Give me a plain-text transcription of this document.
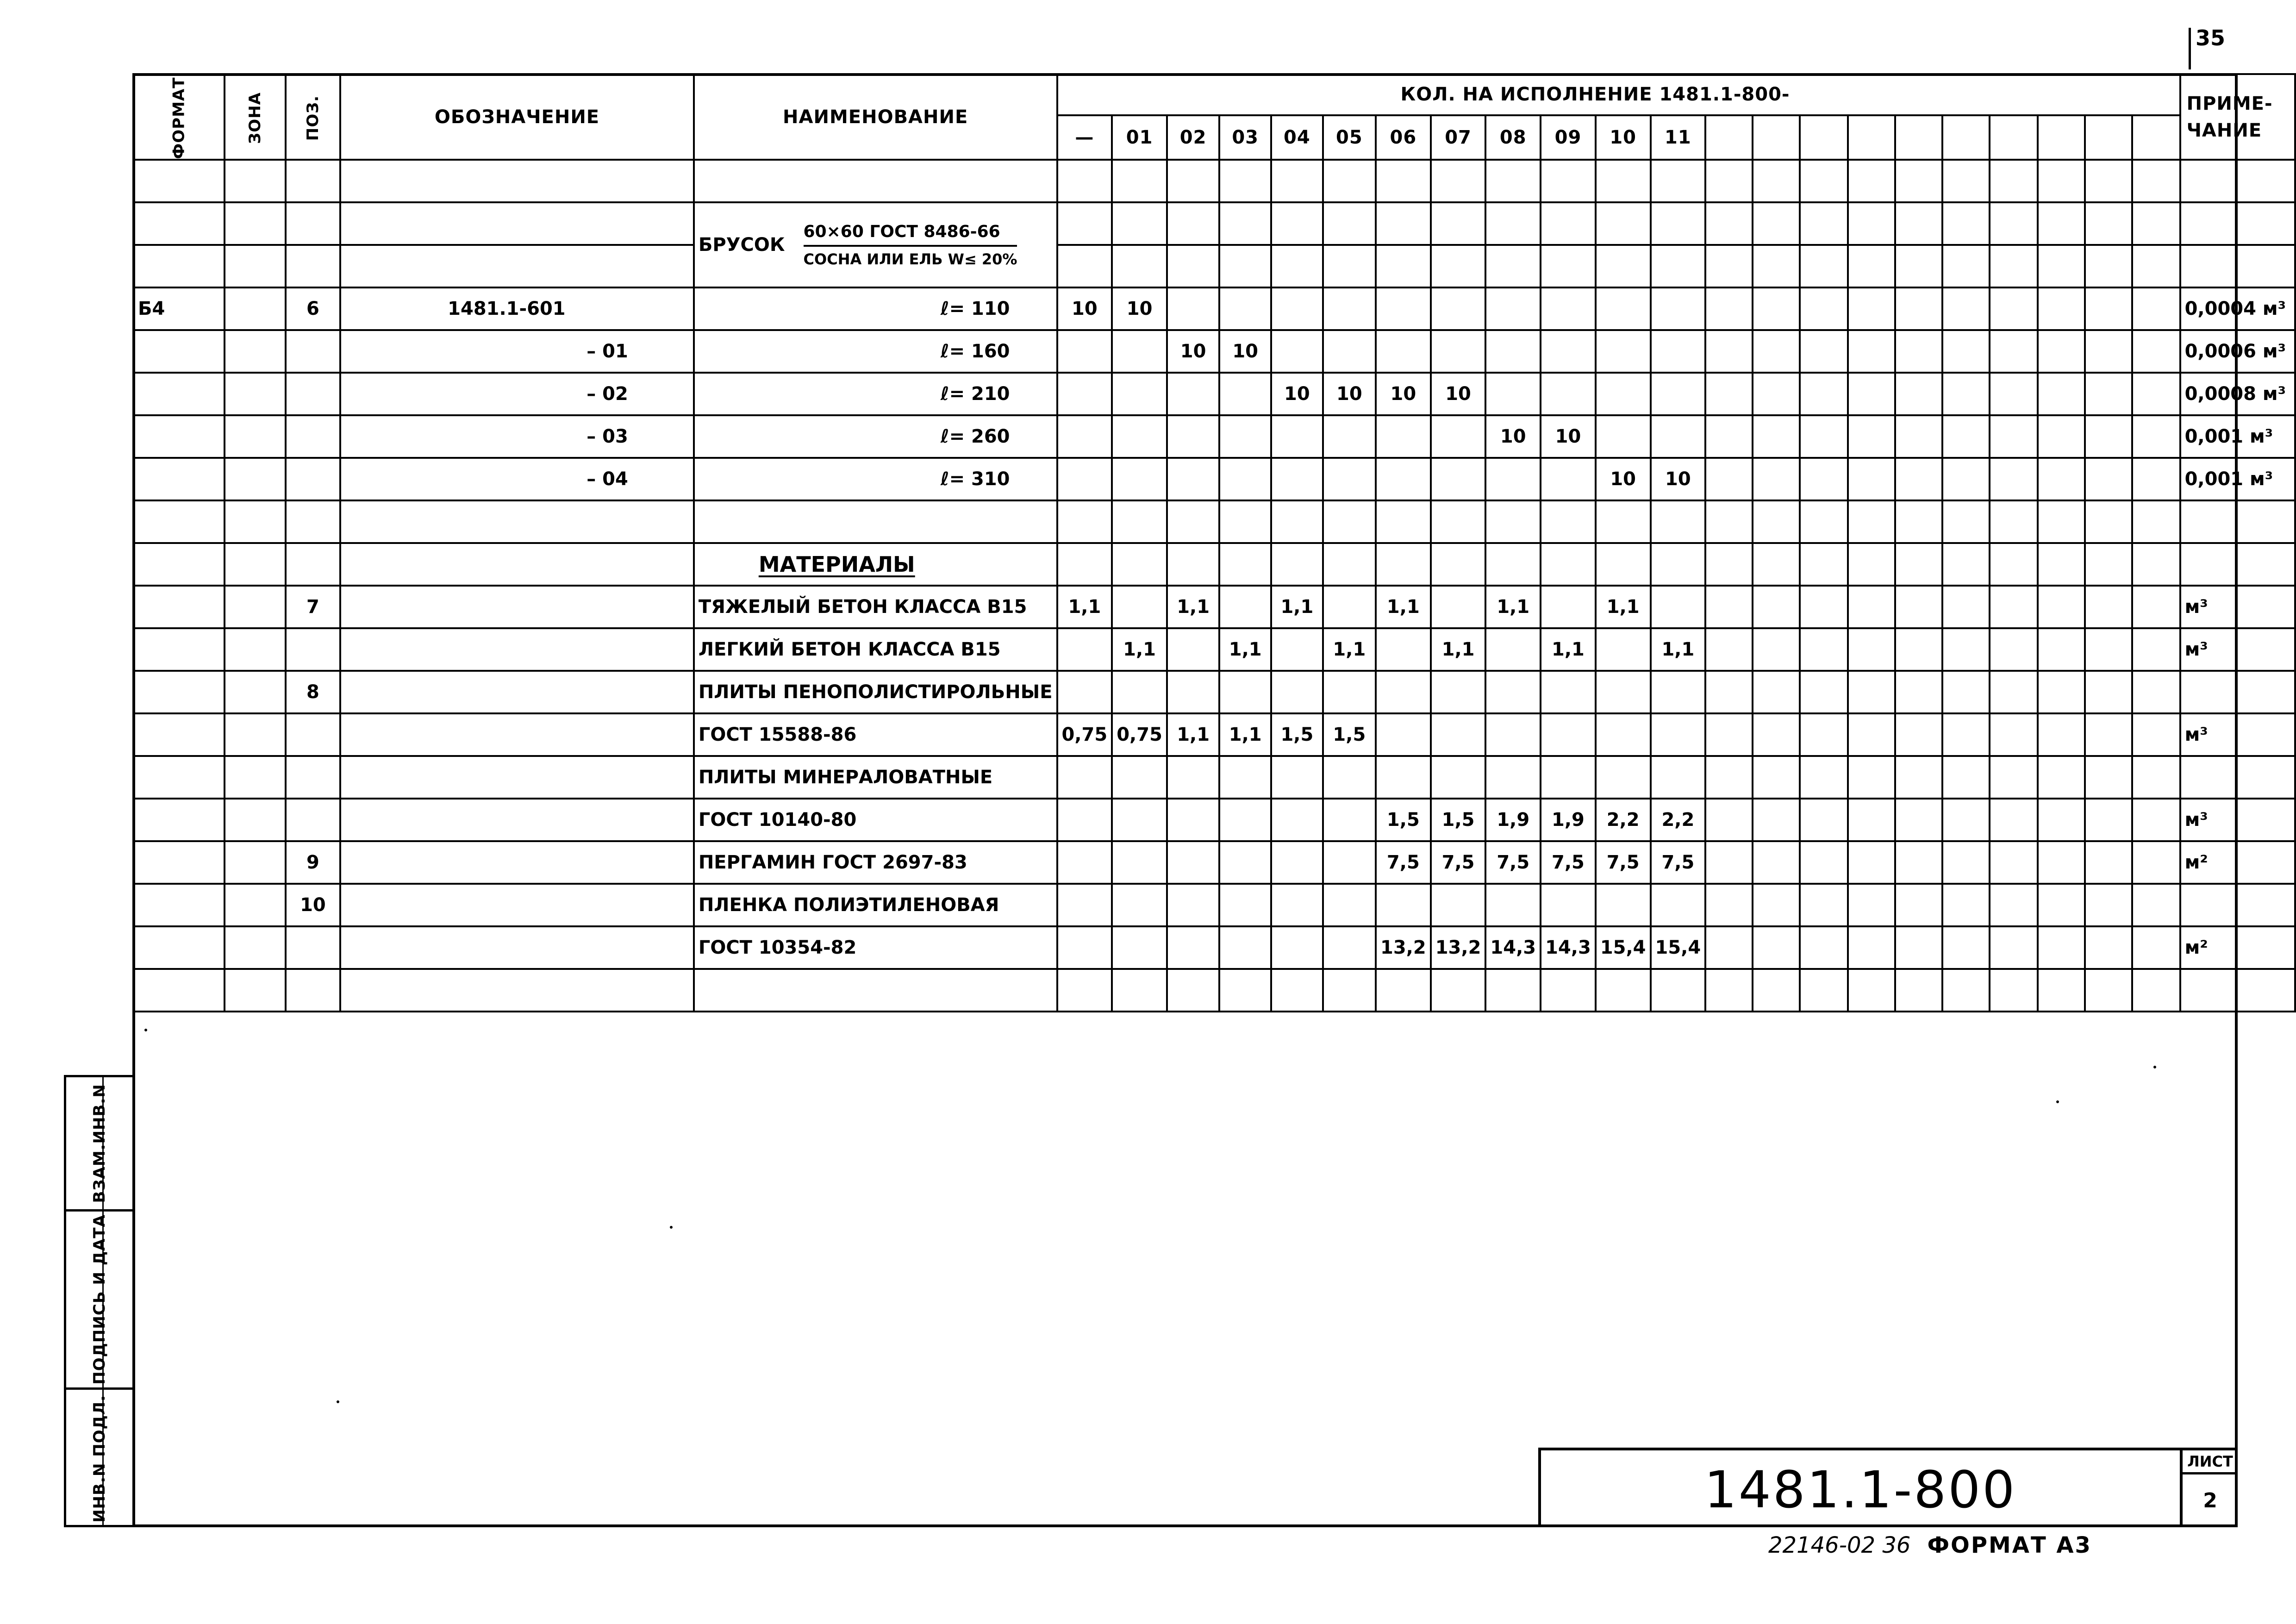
35
ВЗАМ.ИНВ.N
ПОДПИСЬ И ДАТА
ИНВ.N ПОДЛ.
ФОРМАТ	ЗОНА	ПОЗ.	ОБОЗНАЧЕНИЕ	НАИМЕНОВАНИЕ	КОЛ. НА ИСПОЛНЕНИЕ 1481.1-800-																						ПРИМЕ- ЧАНИЕ
					—	01	02	03	04	05	06	07	08	09	10	11											

				БРУСОК $\frac{\text{60×60 ГОСТ 8486-66}}{\text{СОСНА ИЛИ ЕЛЬ W≤ 20\%}}$

Б4		6	1481.1-601	ℓ= 110	10	10																					0,0004 м³
			– 01	ℓ= 160			10	10																			0,0006 м³
			– 02	ℓ= 210					10	10	10	10															0,0008 м³
			– 03	ℓ= 260									10	10													0,001 м³
			– 04	ℓ= 310											10	10											0,001 м³

				МАТЕРИАЛЫ																							
		7		ТЯЖЕЛЫЙ БЕТОН КЛАССА В15	1,1		1,1		1,1		1,1		1,1		1,1												м³
				ЛЕГКИЙ БЕТОН КЛАССА В15		1,1		1,1		1,1		1,1		1,1		1,1											м³
		8		ПЛИТЫ ПЕНОПОЛИСТИРОЛЬНЫЕ																							
				ГОСТ 15588-86	0,75	0,75	1,1	1,1	1,5	1,5																	м³
				ПЛИТЫ МИНЕРАЛОВАТНЫЕ																							
				ГОСТ 10140-80							1,5	1,5	1,9	1,9	2,2	2,2											м³
		9		ПЕРГАМИН ГОСТ 2697-83							7,5	7,5	7,5	7,5	7,5	7,5											м²
		10		ПЛЕНКА ПОЛИЭТИЛЕНОВАЯ																							
				ГОСТ 10354-82							13,2	13,2	14,3	14,3	15,4	15,4											м²

1481.1-800	ЛИСТ
2
22146-02 36 ФОРМАТ А3
